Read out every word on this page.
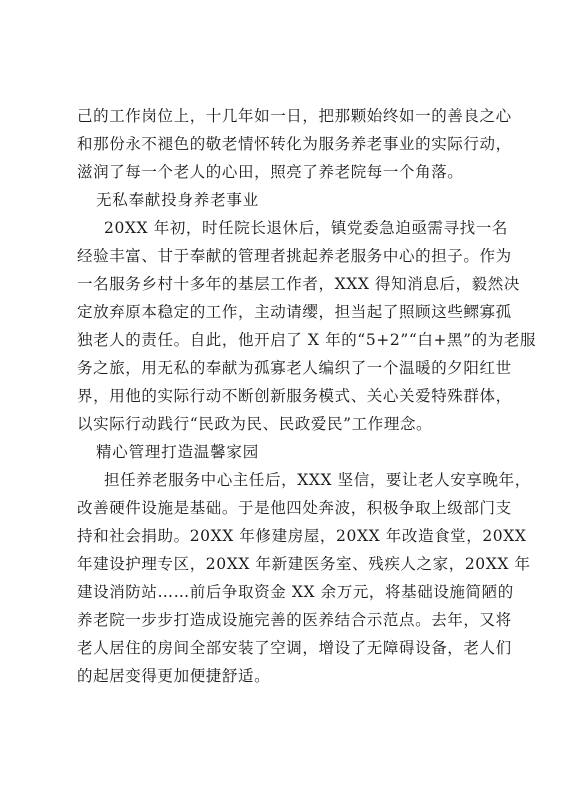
己的工作岗位上，十几年如一日，把那颗始终如一的善良之心
和那份永不褪色的敬老情怀转化为服务养老事业的实际行动，
滋润了每一个老人的心田，照亮了养老院每一个角落。
无私奉献投身养老事业
20XX 年初，时任院长退休后，镇党委急迫亟需寻找一名
经验丰富、甘于奉献的管理者挑起养老服务中心的担子。作为
一名服务乡村十多年的基层工作者，XXX 得知消息后，毅然决
定放弃原本稳定的工作，主动请缨，担当起了照顾这些鳏寡孤
独老人的责任。自此，他开启了 X 年的“5+2”“白+黑”的为老服
务之旅，用无私的奉献为孤寡老人编织了一个温暖的夕阳红世
界，用他的实际行动不断创新服务模式、关心关爱特殊群体，
以实际行动践行“民政为民、民政爱民”工作理念。
精心管理打造温馨家园
担任养老服务中心主任后，XXX 坚信，要让老人安享晚年，
改善硬件设施是基础。于是他四处奔波，积极争取上级部门支
持和社会捐助。20XX 年修建房屋，20XX 年改造食堂，20XX
年建设护理专区，20XX 年新建医务室、残疾人之家，20XX 年
建设消防站……前后争取资金 XX 余万元，将基础设施简陋的
养老院一步步打造成设施完善的医养结合示范点。去年，又将
老人居住的房间全部安装了空调，增设了无障碍设备，老人们
的起居变得更加便捷舒适。
